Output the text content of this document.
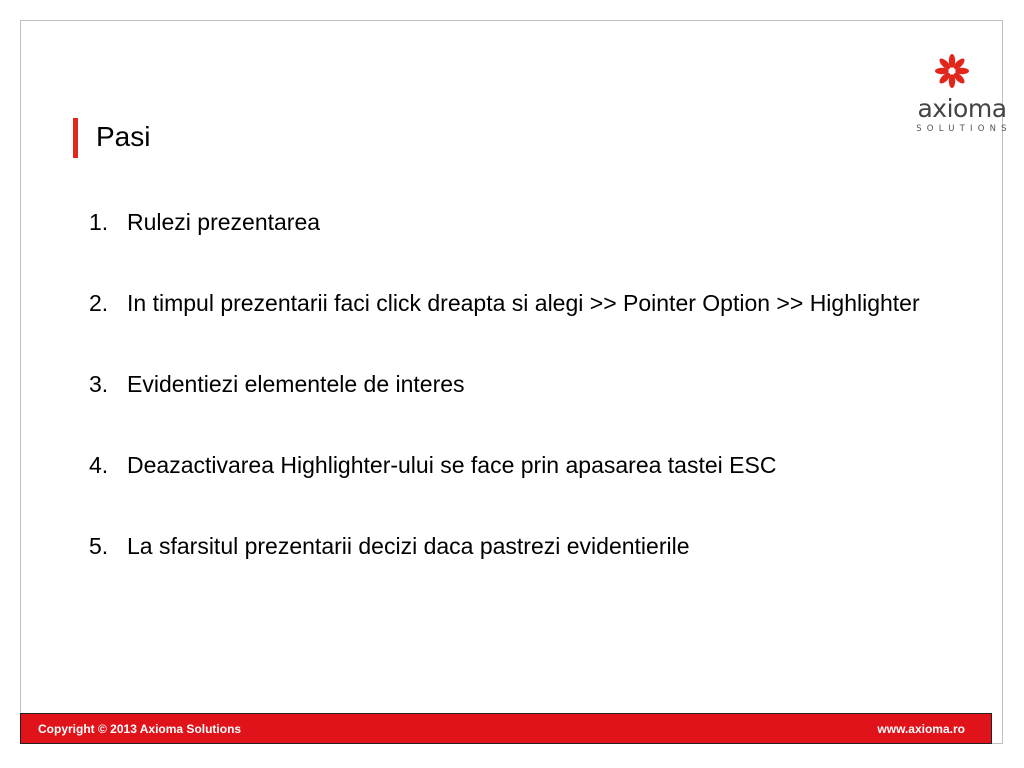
axioma
SOLUTIONS
Pasi
1. Rulezi prezentarea
2. In timpul prezentarii faci click dreapta si alegi >> Pointer Option >> Highlighter
3. Evidentiezi elementele de interes
4. Deazactivarea Highlighter-ului se face prin apasarea tastei ESC
5. La sfarsitul prezentarii decizi daca pastrezi evidentierile
Copyright © 2013 Axioma Solutions	www.axioma.ro
